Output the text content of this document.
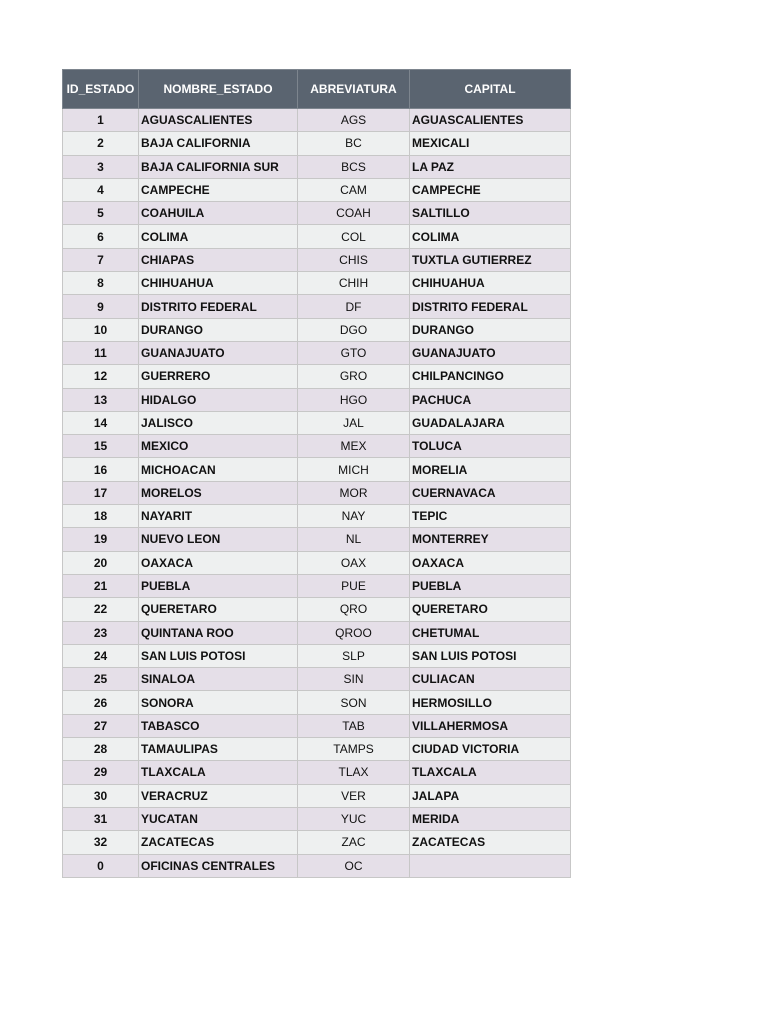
ID_ESTADO	NOMBRE_ESTADO	ABREVIATURA	CAPITAL
1	AGUASCALIENTES	AGS	AGUASCALIENTES
2	BAJA CALIFORNIA	BC	MEXICALI
3	BAJA CALIFORNIA SUR	BCS	LA PAZ
4	CAMPECHE	CAM	CAMPECHE
5	COAHUILA	COAH	SALTILLO
6	COLIMA	COL	COLIMA
7	CHIAPAS	CHIS	TUXTLA GUTIERREZ
8	CHIHUAHUA	CHIH	CHIHUAHUA
9	DISTRITO FEDERAL	DF	DISTRITO FEDERAL
10	DURANGO	DGO	DURANGO
11	GUANAJUATO	GTO	GUANAJUATO
12	GUERRERO	GRO	CHILPANCINGO
13	HIDALGO	HGO	PACHUCA
14	JALISCO	JAL	GUADALAJARA
15	MEXICO	MEX	TOLUCA
16	MICHOACAN	MICH	MORELIA
17	MORELOS	MOR	CUERNAVACA
18	NAYARIT	NAY	TEPIC
19	NUEVO LEON	NL	MONTERREY
20	OAXACA	OAX	OAXACA
21	PUEBLA	PUE	PUEBLA
22	QUERETARO	QRO	QUERETARO
23	QUINTANA ROO	QROO	CHETUMAL
24	SAN LUIS POTOSI	SLP	SAN LUIS POTOSI
25	SINALOA	SIN	CULIACAN
26	SONORA	SON	HERMOSILLO
27	TABASCO	TAB	VILLAHERMOSA
28	TAMAULIPAS	TAMPS	CIUDAD VICTORIA
29	TLAXCALA	TLAX	TLAXCALA
30	VERACRUZ	VER	JALAPA
31	YUCATAN	YUC	MERIDA
32	ZACATECAS	ZAC	ZACATECAS
0	OFICINAS CENTRALES	OC	
